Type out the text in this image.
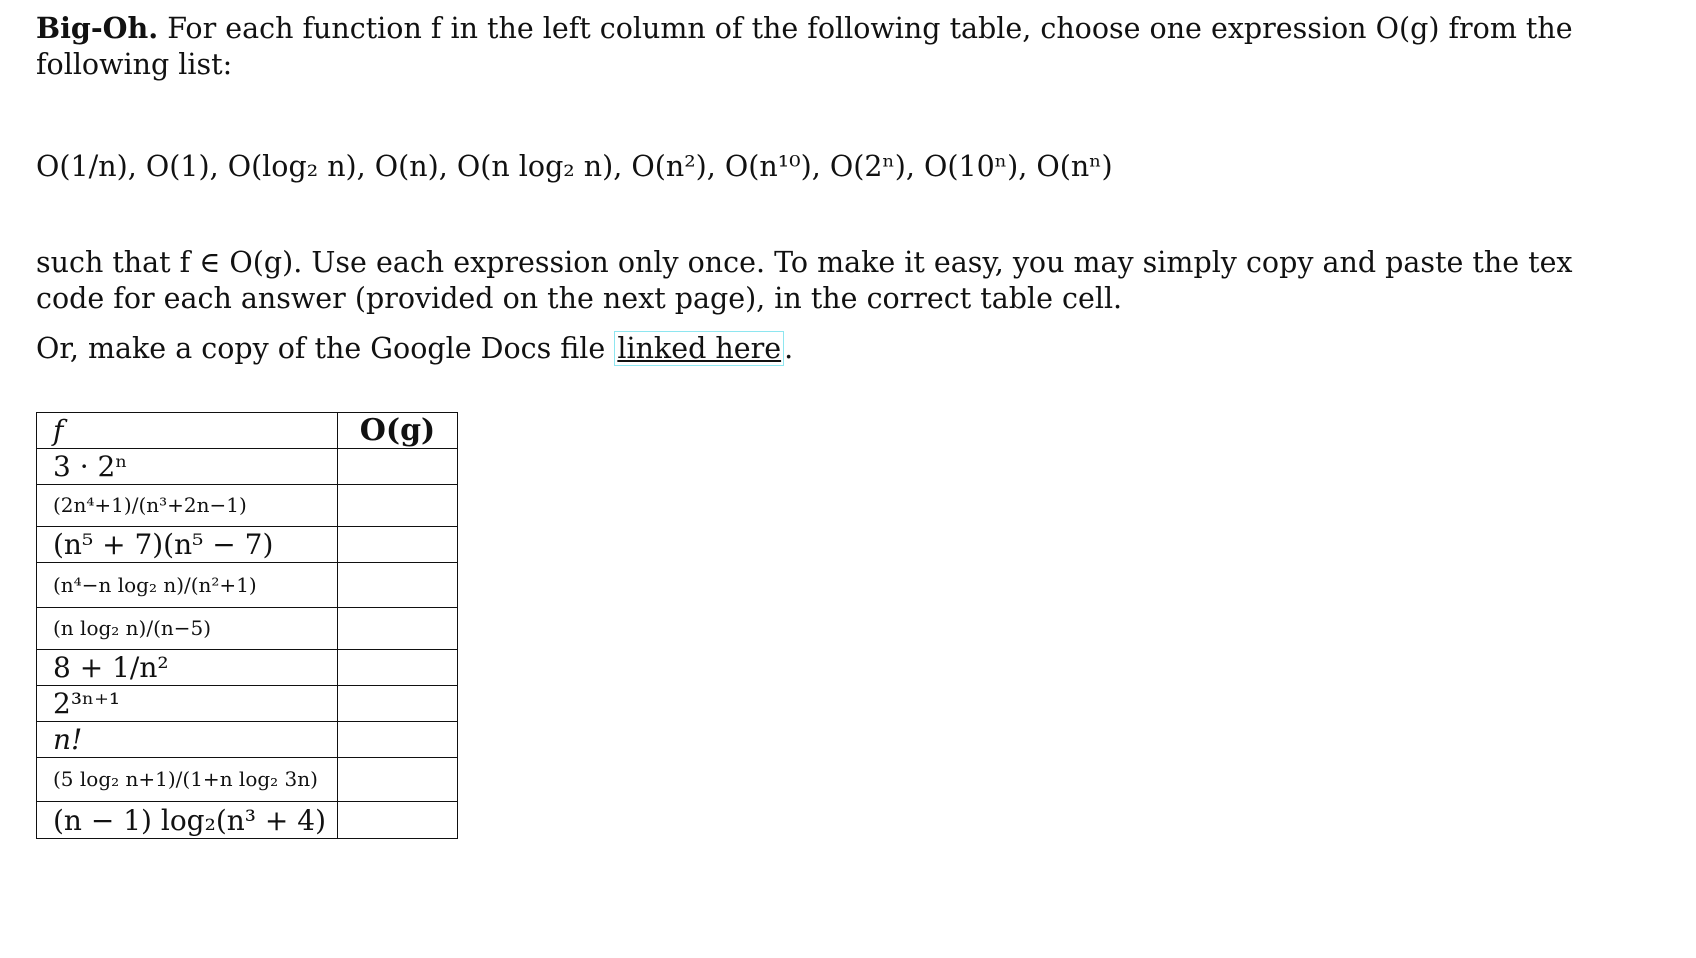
Big-Oh. For each function f in the left column of the following table, choose one expression O(g) from the following list:

O(1/n), O(1), O(log₂ n), O(n), O(n log₂ n), O(n²), O(n¹⁰), O(2ⁿ), O(10ⁿ), O(nⁿ)

such that f ∈ O(g). Use each expression only once. To make it easy, you may simply copy and paste the tex code for each answer (provided on the next page), in the correct table cell.

Or, make a copy of the Google Docs file linked here .

f	O(g)
3 · 2ⁿ	
(2n⁴+1)/(n³+2n−1)	
(n⁵ + 7)(n⁵ − 7)	
(n⁴−n log₂ n)/(n²+1)	
(n log₂ n)/(n−5)	
8 + 1/n²	
2³ⁿ⁺¹	
n!	
(5 log₂ n+1)/(1+n log₂ 3n)	
(n − 1) log₂(n³ + 4)	
